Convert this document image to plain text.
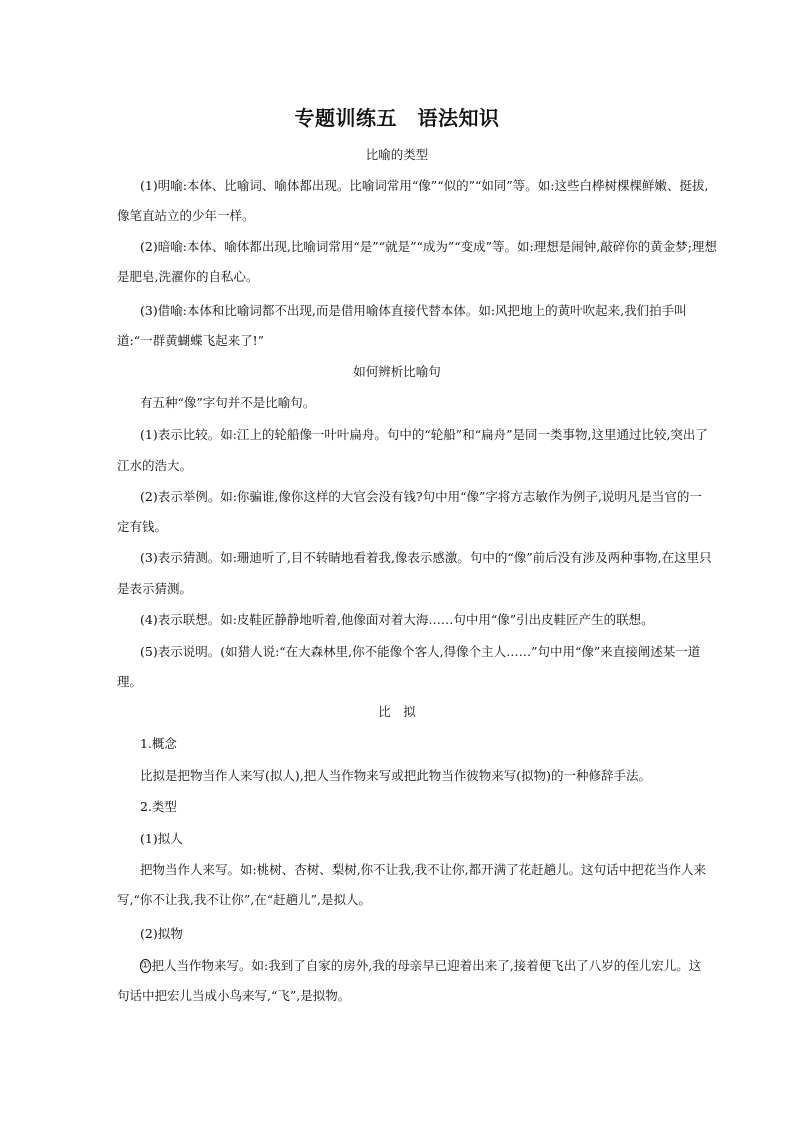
专题训练五　语法知识
比喻的类型
(1)明喻:本体、比喻词、喻体都出现。比喻词常用“像”“似的”“如同”等。如:这些白桦树棵棵鲜嫩、挺拔,
像笔直站立的少年一样。
(2)暗喻:本体、喻体都出现,比喻词常用“是”“就是”“成为”“变成”等。如:理想是闹钟,敲碎你的黄金梦;理想
是肥皂,洗濯你的自私心。
(3)借喻:本体和比喻词都不出现,而是借用喻体直接代替本体。如:风把地上的黄叶吹起来,我们拍手叫
道:“一群黄蝴蝶飞起来了!”
如何辨析比喻句
有五种“像”字句并不是比喻句。
(1)表示比较。如:江上的轮船像一叶叶扁舟。句中的“轮船”和“扁舟”是同一类事物,这里通过比较,突出了
江水的浩大。
(2)表示举例。如:你骗谁,像你这样的大官会没有钱?句中用“像”字将方志敏作为例子,说明凡是当官的一
定有钱。
(3)表示猜测。如:珊迪听了,目不转睛地看着我,像表示感激。句中的“像”前后没有涉及两种事物,在这里只
是表示猜测。
(4)表示联想。如:皮鞋匠静静地听着,他像面对着大海……句中用“像”引出皮鞋匠产生的联想。
(5)表示说明。(如猎人说:“在大森林里,你不能像个客人,得像个主人……”句中用“像”来直接阐述某一道
理。
比　拟
1.概念
比拟是把物当作人来写(拟人),把人当作物来写或把此物当作彼物来写(拟物)的一种修辞手法。
2.类型
(1)拟人
把物当作人来写。如:桃树、杏树、梨树,你不让我,我不让你,都开满了花赶趟儿。这句话中把花当作人来
写,“你不让我,我不让你”,在“赶趟儿”,是拟人。
(2)拟物
① 把人当作物来写。如:我到了自家的房外,我的母亲早已迎着出来了,接着便飞出了八岁的侄儿宏儿。这
句话中把宏儿当成小鸟来写,“飞”,是拟物。
